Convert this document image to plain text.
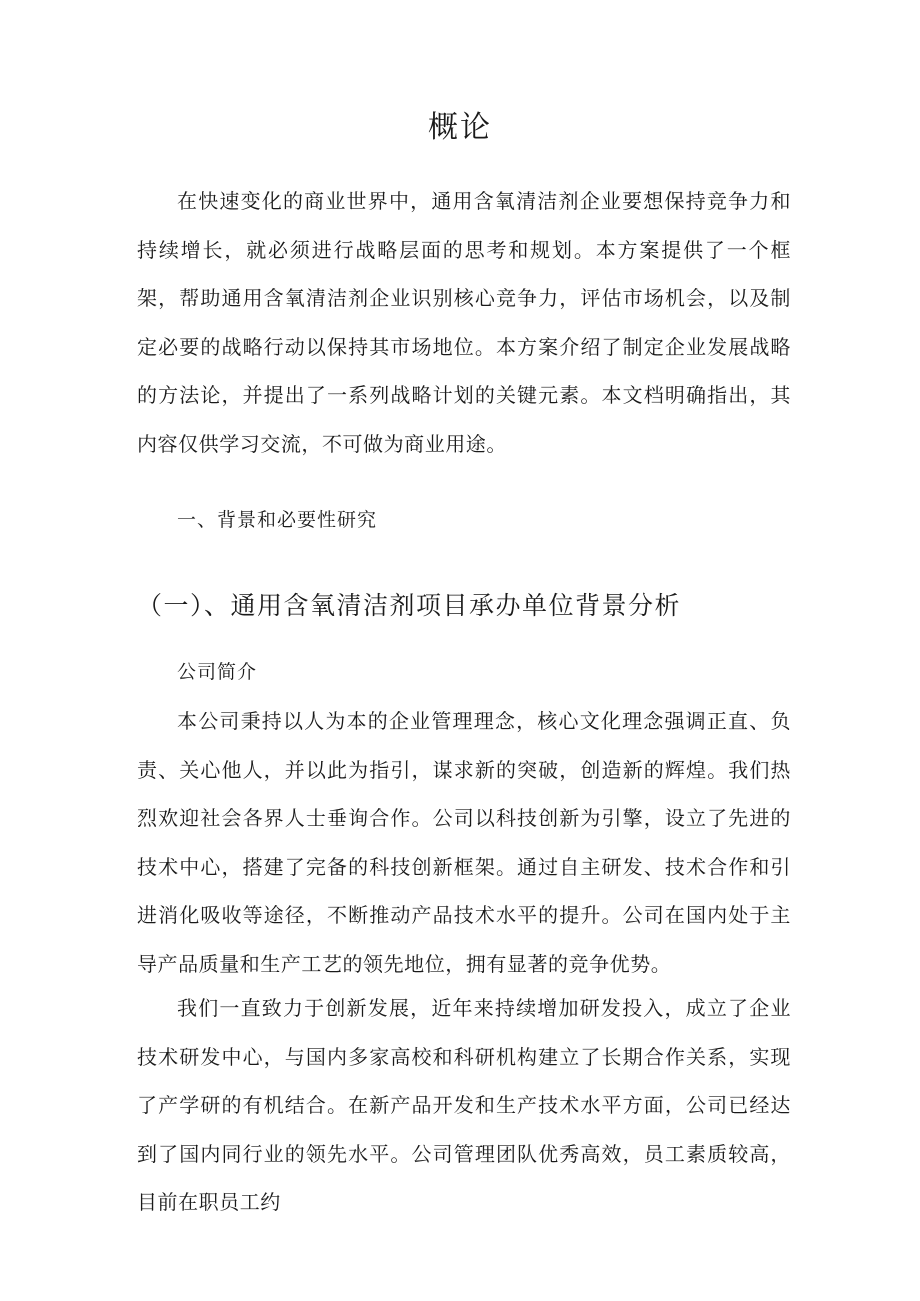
概论

在快速变化的商业世界中，通用含氧清洁剂企业要想保持竞争力和持续增长，就必须进行战略层面的思考和规划。本方案提供了一个框架，帮助通用含氧清洁剂企业识别核心竞争力，评估市场机会，以及制定必要的战略行动以保持其市场地位。本方案介绍了制定企业发展战略的方法论，并提出了一系列战略计划的关键元素。本文档明确指出，其内容仅供学习交流，不可做为商业用途。

一、背景和必要性研究
（一）、通用含氧清洁剂项目承办单位背景分析

公司简介

本公司秉持以人为本的企业管理理念，核心文化理念强调正直、负责、关心他人，并以此为指引，谋求新的突破，创造新的辉煌。我们热烈欢迎社会各界人士垂询合作。公司以科技创新为引擎，设立了先进的技术中心，搭建了完备的科技创新框架。通过自主研发、技术合作和引进消化吸收等途径，不断推动产品技术水平的提升。公司在国内处于主导产品质量和生产工艺的领先地位，拥有显著的竞争优势。

我们一直致力于创新发展，近年来持续增加研发投入，成立了企业技术研发中心，与国内多家高校和科研机构建立了长期合作关系，实现了产学研的有机结合。在新产品开发和生产技术水平方面，公司已经达到了国内同行业的领先水平。公司管理团队优秀高效，员工素质较高，目前在职员工约
